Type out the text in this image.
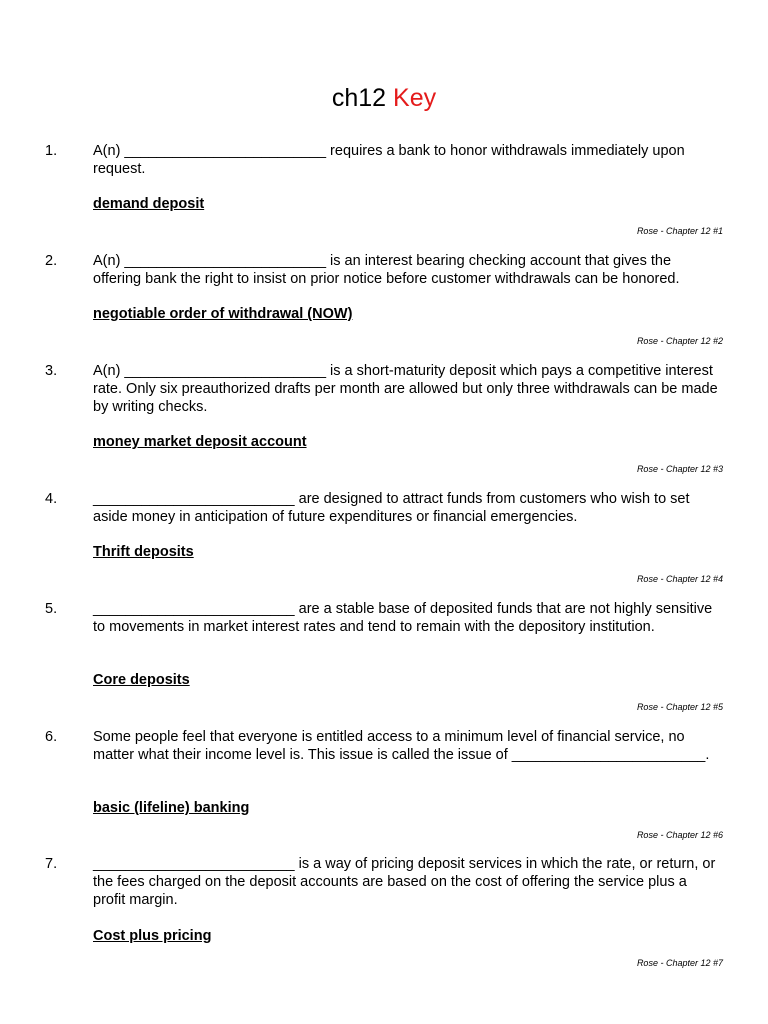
ch12 Key
1. A(n) _________________________ requires a bank to honor withdrawals immediately upon request.

demand deposit

Rose - Chapter 12 #1

2. A(n) _________________________ is an interest bearing checking account that gives the offering bank the right to insist on prior notice before customer withdrawals can be honored.

negotiable order of withdrawal (NOW)

Rose - Chapter 12 #2

3. A(n) _________________________ is a short-maturity deposit which pays a competitive interest rate. Only six preauthorized drafts per month are allowed but only three withdrawals can be made by writing checks.

money market deposit account

Rose - Chapter 12 #3

4. _________________________ are designed to attract funds from customers who wish to set aside money in anticipation of future expenditures or financial emergencies.

Thrift deposits

Rose - Chapter 12 #4

5. _________________________ are a stable base of deposited funds that are not highly sensitive to movements in market interest rates and tend to remain with the depository institution.

Core deposits

Rose - Chapter 12 #5

6. Some people feel that everyone is entitled access to a minimum level of financial service, no matter what their income level is. This issue is called the issue of ________________________.

basic (lifeline) banking

Rose - Chapter 12 #6

7. _________________________ is a way of pricing deposit services in which the rate, or return, or the fees charged on the deposit accounts are based on the cost of offering the service plus a profit margin.

Cost plus pricing

Rose - Chapter 12 #7
